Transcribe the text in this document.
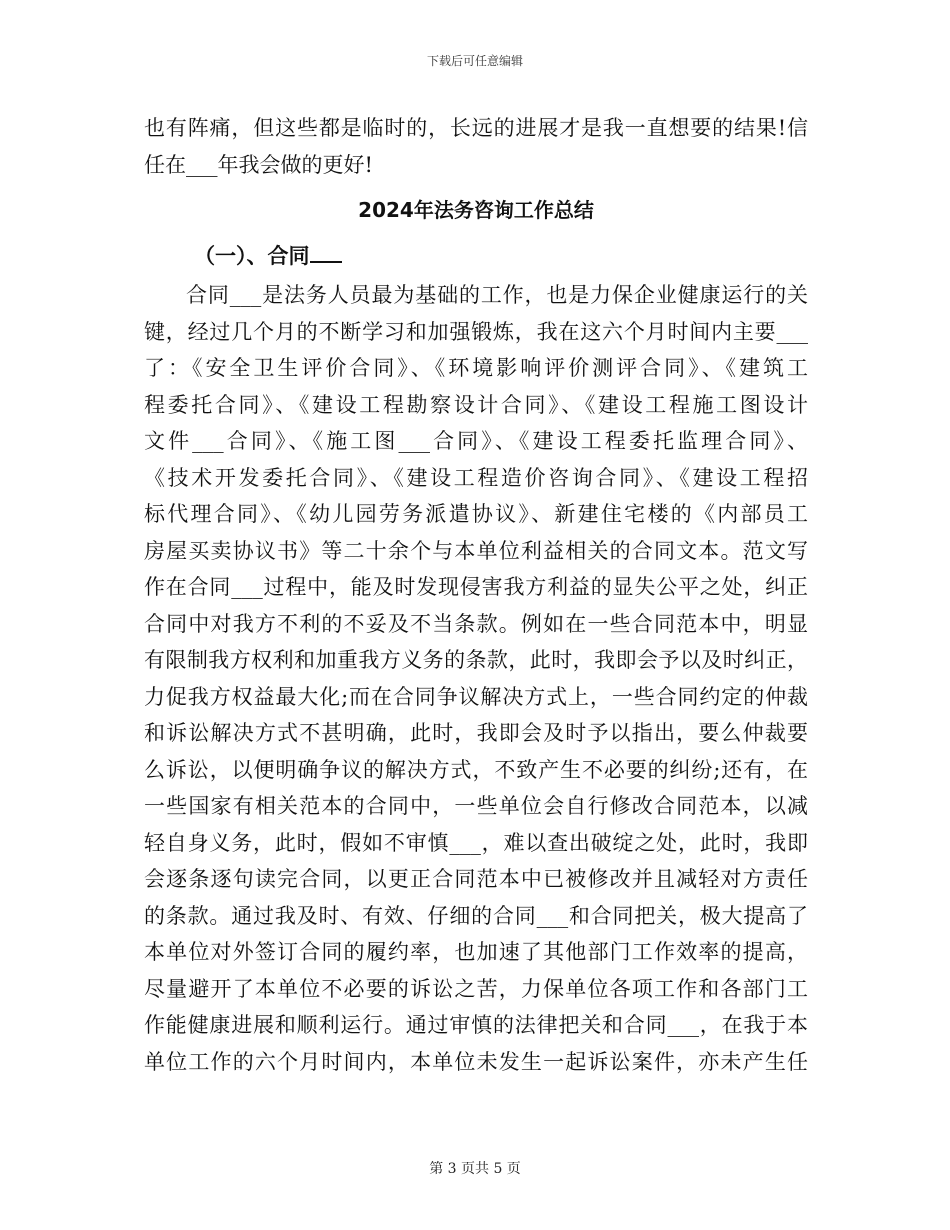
下载后可任意编辑
也有阵痛，但这些都是临时的，长远的进展才是我一直想要的结果!信
任在___年我会做的更好!
2024年法务咨询工作总结
（一）、合同
合同___是法务人员最为基础的工作，也是力保企业健康运行的关
键，经过几个月的不断学习和加强锻炼，我在这六个月时间内主要___
了：《安全卫生评价合同》、《环境影响评价测评合同》、《建筑工
程委托合同》、《建设工程勘察设计合同》、《建设工程施工图设计
文件___合同》、《施工图___合同》、《建设工程委托监理合同》、
《技术开发委托合同》、《建设工程造价咨询合同》、《建设工程招
标代理合同》、《幼儿园劳务派遣协议》、新建住宅楼的《内部员工
房屋买卖协议书》等二十余个与本单位利益相关的合同文本。范文写
作在合同___过程中，能及时发现侵害我方利益的显失公平之处，纠正
合同中对我方不利的不妥及不当条款。例如在一些合同范本中，明显
有限制我方权利和加重我方义务的条款，此时，我即会予以及时纠正，
力促我方权益最大化;而在合同争议解决方式上，一些合同约定的仲裁
和诉讼解决方式不甚明确，此时，我即会及时予以指出，要么仲裁要
么诉讼，以便明确争议的解决方式，不致产生不必要的纠纷;还有，在
一些国家有相关范本的合同中，一些单位会自行修改合同范本，以减
轻自身义务，此时，假如不审慎___，难以查出破绽之处，此时，我即
会逐条逐句读完合同，以更正合同范本中已被修改并且减轻对方责任
的条款。通过我及时、有效、仔细的合同___和合同把关，极大提高了
本单位对外签订合同的履约率，也加速了其他部门工作效率的提高，
尽量避开了本单位不必要的诉讼之苦，力保单位各项工作和各部门工
作能健康进展和顺利运行。通过审慎的法律把关和合同___，在我于本
单位工作的六个月时间内，本单位未发生一起诉讼案件，亦未产生任
第 3 页共 5 页
